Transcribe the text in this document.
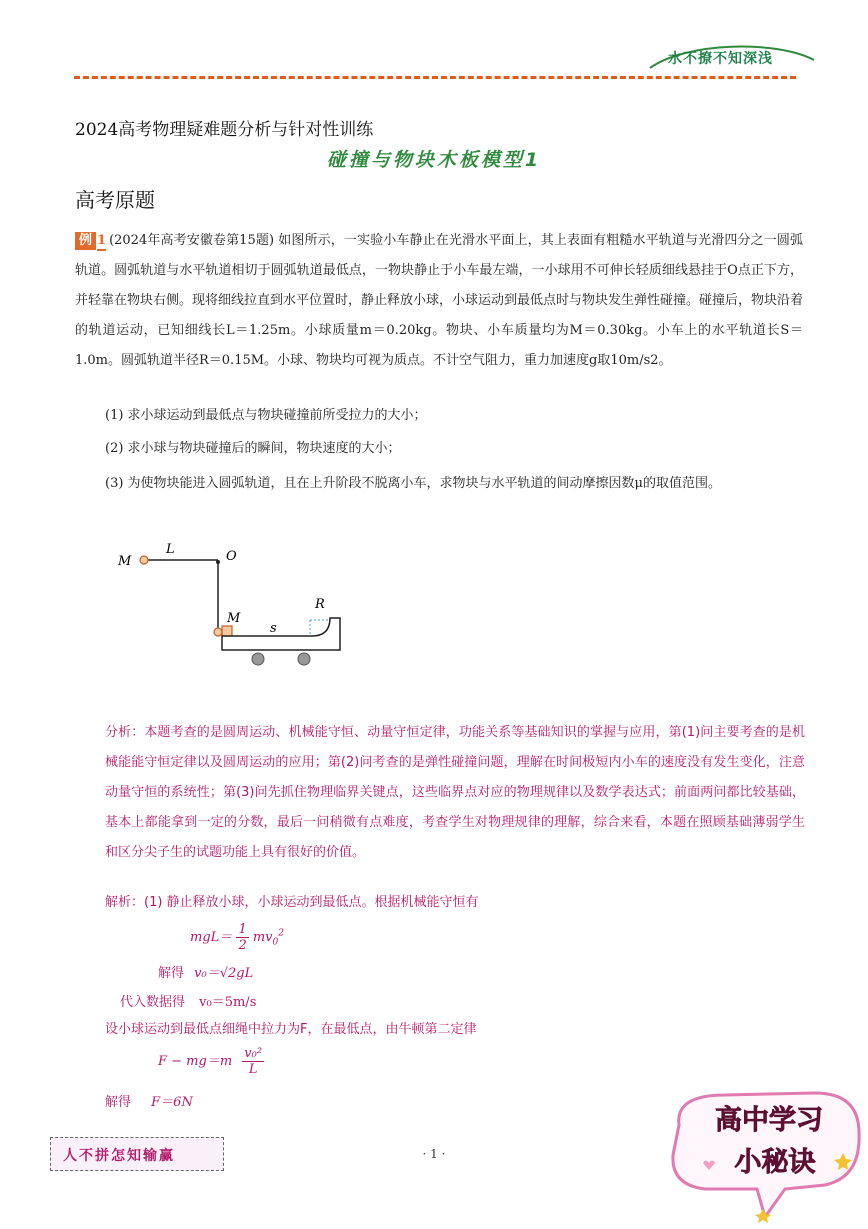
水不撩不知深浅
2024高考物理疑难题分析与针对性训练
碰撞与物块木板模型1
高考原题
例 1 (2024年高考安徽卷第15题) 如图所示，一实验小车静止在光滑水平面上，其上表面有粗糙水平轨道与光滑四分之一圆弧轨道。圆弧轨道与水平轨道相切于圆弧轨道最低点，一物块静止于小车最左端，一小球用不可伸长轻质细线悬挂于O点正下方，并轻靠在物块右侧。现将细线拉直到水平位置时，静止释放小球，小球运动到最低点时与物块发生弹性碰撞。碰撞后，物块沿着的轨道运动，已知细线长L＝1.25m。小球质量m＝0.20kg。物块、小车质量均为M＝0.30kg。小车上的水平轨道长S＝1.0m。圆弧轨道半径R＝0.15M。小球、物块均可视为质点。不计空气阻力，重力加速度g取10m/s2。
(1) 求小球运动到最低点与物块碰撞前所受拉力的大小；
(2) 求小球与物块碰撞后的瞬间，物块速度的大小；
(3) 为使物块能进入圆弧轨道，且在上升阶段不脱离小车，求物块与水平轨道的间动摩擦因数μ的取值范围。
M
L	O
M
s
R
分析：本题考查的是圆周运动、机械能守恒、动量守恒定律，功能关系等基础知识的掌握与应用，第(1)问主要考查的是机械能能守恒定律以及圆周运动的应用；第(2)问考查的是弹性碰撞问题，理解在时间极短内小车的速度没有发生变化，注意动量守恒的系统性；第(3)问先抓住物理临界关键点，这些临界点对应的物理规律以及数学表达式；前面两问都比较基础，基本上都能拿到一定的分数，最后一问稍微有点难度，考查学生对物理规律的理解，综合来看，本题在照顾基础薄弱学生和区分尖子生的试题功能上具有很好的价值。
解析：(1) 静止释放小球，小球运动到最低点。根据机械能守恒有
$mgL= \frac{1}{2} mv_0^2$
解得 v₀＝√2gL
代入数据得 v₀＝5m/s
设小球运动到最低点细绳中拉力为F，在最低点，由牛顿第二定律
$F - mg=m \frac{\text{v₀²}}{L}$
解得 F＝6N
人不拼怎知输赢	· 1 ·
高中学习
小秘诀
